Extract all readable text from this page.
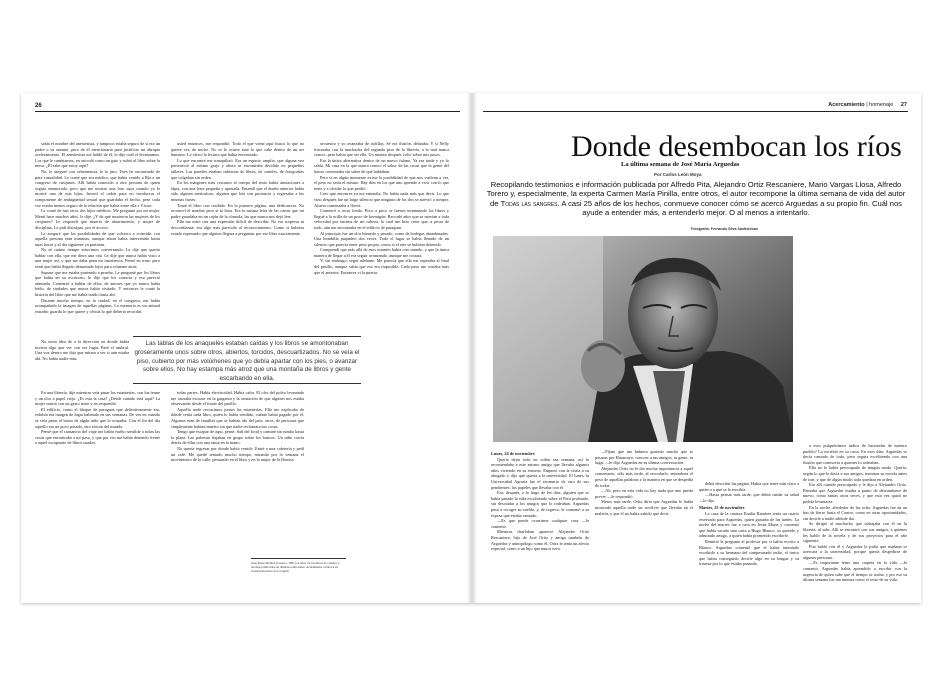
26

sabía el nombre del anestesista, y tampoco estaba seguro de si era un padre o su amante, pero de él mencionaría para justificar mi abrupta aceleramiento. El anestesista me habló de él, le dije cuál el levantamos. Los que le cambiamos, en articuló como un gato y subió el libro sobre la mesa. ¿Él sabe que estoy aquí?

No, le aseguré con vehemencia, le lo juro. Yoes he encontrado de para casualidad. Le conté que era médico, que había venido a Ría a un congreso de cirujanos. Allí había conocido a otra persona de quien seguía enamorado, pero que me mostró una foto suya cuando yo le mostré una de mis hijas. Invertí el orden para no involucrar el componente de ambigüedad sexual que guardaba el hecho, pese cada vez estaba menos seguro de la relación que había entre ella e Víctor.

Le conté de mis otros dos hijos médicos. Me preguntó por mi mujer. Mentí hace muchos años, le dije. ¿Y de qué murieron las mujeres de los cirujanos? Le respondí que muerta de aburrimiento, y mujer de disciplina. Le pidí disculpas, por el acceso.

Le aseguré que las posibilidades de que volviera a coincidir con aquella persona eran mínimas, aunque ahora había intervenido hasta unas horas y al día siguiente ya partirían.

No sé cuánto tiempo estuvimos conversando. Le dije que quería hablar con ella, que me diera una cita. Le dije que nunca había visto a una mujer así, y que me daba pena mi insistencia. Pensé en irme, pero sentí que había llegado demasiado lejos para echarme atrás.

Supuse que me estaba poniendo a prueba. Le pregunté por los libros que había en su escritorio, le dije que los conocía y eso pareció animarla. Comenzó a hablar de ellos, de autores que yo nunca había leído, de ciudades que nunca había visitado. Y entonces le conté la historia del libro que me había traído hasta ahí.

Durante mucho tiempo, en la ciudad, en el congreso, me había acompañado la imagen de aquellas páginas. La memoria es un animal extraño: guarda lo que quiere y olvida lo que debería recordar.

usted entonces, me respondió. Todo el que viene aquí busca lo que no quiere ver, de noche. No se le ocurre sino lo que cabe dentro de un ser humano. Le ofrecí la lectura que había encontrado.

Lo que encontré me tranquilizó. Era un espacio amplio, que alguna vez perteneció al mismo grajo y ahora se encontraba dividido en pequeños talleres. Las paredes estaban cubiertas de libros, de carteles, de fotografías que colgaban sin orden.

En los márgenes más cercanos al cuerpo del texto había anotaciones a lápiz, con una letra pequeña y apretada. Entendí que el dueño anterior había sido alguien meticuloso, alguien que leía con paciencia y regresaba a las mismas frases.

Tomé el libro con cuidado. En la primera página, una dedicatoria. No reconocí el nombre pero sí la letra. Era la misma letra de las cartas que mi padre guardaba en un cajón de la cómoda, las que nunca nos dejó leer.

Ella me miró con una expresión difícil de describir. No era sorpresa ni desconfianza; era algo más parecido al reconocimiento. Como si hubiera estado esperando que alguien llegara a preguntar por ese libro exactamente.

secuestro y yo avanzaba de rodillas. Sé era ilusión, delataba. Y si Nelly fracasaba con la muchacha del segundo piso de la librería, a lo mal nunca conocí, pero había que ser ella. Un minuto después volví sobre mis pasos.

Era la única alternativa dentro de un nuevo fulano. Ya era tarde y yo lo sabía. Mi casa en la que nunca conocí el sabor de las cosas que la gente del barrio comentaba sin saber de qué hablaban.

Pero si en algún momento existe la posibilidad de que nos vuelvan a ver, el peso no sería el mismo. Hay días en los que uno aprende a vivir con lo que tiene y a olvidar lo que perdió.

Creo que entonces ya me entendía. No había nada más que decir. Lo que vino después fue un largo silencio que ninguno de los dos se atrevió a romper. Afuera comenzaba a llover.

Comencé a tocar fondo. Poco a poco se fueron terminando los libros y llegué a la orilla de un pozo de hormigón. Recordé años que se movían a toda velocidad por encima de mi cabeza, lo cual me hizo creer que, a pesar de todo, aún me encontraba en el edificio de paraguas.

Al principio fue un olor húmedo y pesado, como de bodegas abandonadas. Una bombilla parpadeó dos veces. Todo el lugar se había llenado de un silencio que parecía tener peso propio, como si el aire se hubiera detenido.

Comprendí que más allá de esos estantes había otro mundo, y que la única manera de llegar a él era seguir avanzando, aunque me costara.

Y, sin embargo, seguí adelante. Me parecía que ella me esperaba al final del pasillo, aunque sabía que eso era imposible. Cada paso me costaba más que el anterior. Entonces vi la puerta.

Las tablas de los anaqueles estaban caídas y los libros se amontonaban groseramente unos sobre otros, abiertos, torcidos, descuartizados. No se veía el piso, cubierto por más volúmenes que yo debía apartar con los pies, o avanzar sobre ellos. No hay estampa más atroz que una montaña de libros y gente escarbando en ella.

No tenía idea de a la dirección en donde había tuviera algo que ver con ese lugar. Pasé el umbral. Una voz dentro me dijo que mirara a ver si aún estaba ahí. No había nadie más.

En una librería, dije mientras veía pasar las estanterías, con luz tenue y un olor a papel viejo. ¿Es esta la casa? ¿Desde cuándo está aquí? La mujer sonrió con un gesto triste y no respondió.

El edificio, como el bloque de paraguas que definitivamente era, exhibía esa imagen de lugar habitado en sus ventanas. De vez en cuando se veía pasar el brazo de algún niño que lo ocupaba. Con el fin del día aquello era un poco pasado, otro rincón del mundo.

Pensé que el cansancio del viaje me había vuelto sensible a todas las cosas que encontraba a mi paso, y que por eso me había detenido frente a aquel escaparate de libros usados.

todas partes. Había electricidad. Había calor. El olor del polvo levantado me causaba escozor en la garganta y la sensación de que alguien nos estaba observando desde el fondo del pasillo.

Aquella tarde recorrimos juntos las estanterías. Ella me explicaba de dónde venía cada libro, quién lo había vendido, cuánto había pagado por él. Algunos eran de familias que se habían ido del país; otros, de personas que simplemente habían muerto sin que nadie reclamara sus cosas.

Tengo que escapar de aquí, pensé. Salí del local y caminé sin rumbo hasta la plaza. Las palomas bajaban en grupo sobre los bancos. Un niño corría detrás de ellas con una rama en la mano.

No quería regresar por donde había venido. Entré a una cafetería y pedí un café. Me quedé sentado mucho tiempo, mirando por la ventana el movimiento de la calle, pensando en el libro y en la mujer de la librería.

Juan Pérez Medina (Cuenca, 1961) es autor de los libros de cuentos y novelas publicados en distintas editoriales. Actualmente colabora en revistas literarias de la región.
Acercamiento | homenaje 27
Donde desembocan los ríos
La última semana de José María Arguedas
Por Carlos León Moya
Recopilando testimonios e información publicada por Alfredo Pita, Alejandro Ortiz Rescaniere, Mario Vargas Llosa, Alfredo Torero y, especialmente, la experta Carmen María Pinilla, entre otros, el autor recompone la última semana de vida del autor de Todas las sangres. A casi 25 años de los hechos, conmueve conocer cómo se acercó Arguedas a su propio fin. Cuál nos ayude a entender más, a entenderlo mejor. O al menos a intentarlo.
Fotografía: Fernando Silva Santisteban

Lunes, 24 de noviembre

Quería dejar todo en orden esa semana, así lo recomendaba a este mismo amigo que llevaba algunos años viviendo en su entorno. Empezó con la visita a su abogado y dijo qué quería a la universidad. El lunes, la Universidad Agraria fue el escenario de otro de sus pendientes: los papeles que llevaba con él.

Era, después, a lo largo de los días, alguien que se había pasado la vida escribiendo sobre el Perú profundo, sin descuidar a los amigos que lo rodeaban. Arguedas pasó a recoger su sueldo, y, de regreso, le comentó a su esposa que estaba cansado.

—Es que puede ocurrirme cualquier cosa —le comentó.

Mientras charlaban apareció Alejandro Ortiz Rescaniere, hijo de José Ortiz y amigo también de Arguedas y antropólogo como él. Ortiz le tenía un afecto especial, como a un hijo que nunca tuvo.

—Fíjate que me hubiera gustado mucho que te pasaras por Huancayo, conocer a tus amigos, tu gente, tu lugar —le dijo Arguedas en su última conversación.

Alejandro Ortiz no le dio mucha importancia a aquel comentario; sólo más tarde, al recordarlo, entendería el peso de aquellas palabras y la manera en que se despedía de todos.

—Ah, pero en esta vida no hay nada que uno pueda prever —le respondió.

Meses más tarde, Ortiz diría que Arguedas le había mostrado aquella tarde un revólver que llevaba en el maletín, y que él no había sabido qué decir.

debía describir las pagina. Había que tener más claro a quién o a qué se le escribía.

—Hasta pensar más tarde, que debía cuidar su salud —le dijo.

Martes, 25 de noviembre

La casa de la cantora Emilia Ramírez tenía un cuarto reservado para Arguedas, quien gustaba de las tardes. La noche del martes fue a casa en Jesús María y comentó que había sacado una carta a Hugo Blanco, su querido y admirado amigo, a quien había prometido escribirle.

Remitió la pregunta al profesor por si había escrito a Blanco. Arguedas comentó que el había intentado escribirle a su hermano del campesinado indio, el único que había conseguido decirle algo en su lengua y su tristeza por lo que estaba pasando.

a esos pulquérrimos indios de haciendas de nuestro pueblo? Lo escribió en su carta. En esos días, Arguedas se decía cansado de todo, pero seguía escribiendo con una ilusión que conmovía a quienes lo rodeaban.

Ella no le había preocupado de ningún modo. Quería, según lo que le decía a sus amigos, terminar su novela antes de irse, y que de algún modo todo quedara en orden.

Era allí cuando preocupado y le dijo a Alejandro Ortiz. Pensaba que Arguedas estaba a punto de derrumbarse de nuevo, como tantas otras veces, y que esta vez quizá no podría levantarse.

En la noche, alrededor de las ocho, Arguedas fue en un bus de fierro hasta el Centro, como en otras oportunidades, sin decirle a nadie adónde iba.

Se dirigió al muchacho que trabajaba con él en la librería, al salir. Allí se encontró con sus amigos, a quienes les habló de la novela y de sus proyectos para el año siguiente.

Pita habló con él y Arguedas le pidió que mañana se acercara a la universidad, porque quería despedirse de algunas personas.

—Es importante tener una carpeta en la vida —le comentó. Arguedas había aprendido a escribir con la urgencia de quien sabe que el tiempo se acaba, y por eso su última semana fue tan intensa como el resto de su vida.
